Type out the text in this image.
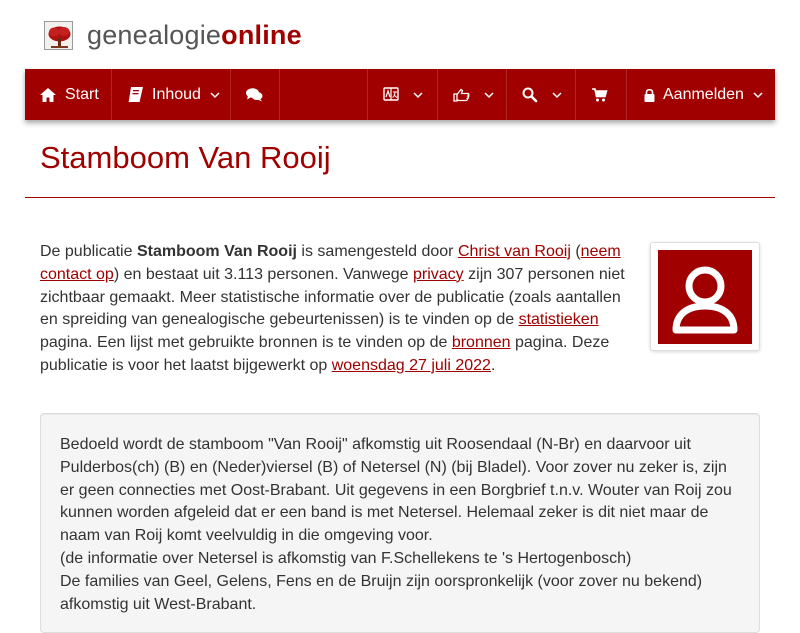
genealogieonline
Start	Inhoud	Aanmelden
Stamboom Van Rooij
De publicatie Stamboom Van Rooij is samengesteld door Christ van Rooij (neem contact op) en bestaat uit 3.113 personen. Vanwege privacy zijn 307 personen niet zichtbaar gemaakt. Meer statistische informatie over de publicatie (zoals aantallen en spreiding van genealogische gebeurtenissen) is te vinden op de statistieken pagina. Een lijst met gebruikte bronnen is te vinden op de bronnen pagina. Deze publicatie is voor het laatst bijgewerkt op woensdag 27 juli 2022.

Bedoeld wordt de stamboom "Van Rooij" afkomstig uit Roosendaal (N-Br) en daarvoor uit Pulderbos(ch) (B) en (Neder)viersel (B) of Netersel (N) (bij Bladel). Voor zover nu zeker is, zijn er geen connecties met Oost-Brabant. Uit gegevens in een Borgbrief t.n.v. Wouter van Roij zou kunnen worden afgeleid dat er een band is met Netersel. Helemaal zeker is dit niet maar de naam van Roij komt veelvuldig in die omgeving voor.

(de informatie over Netersel is afkomstig van F.Schellekens te 's Hertogenbosch)

De families van Geel, Gelens, Fens en de Bruijn zijn oorspronkelijk (voor zover nu bekend) afkomstig uit West-Brabant.
